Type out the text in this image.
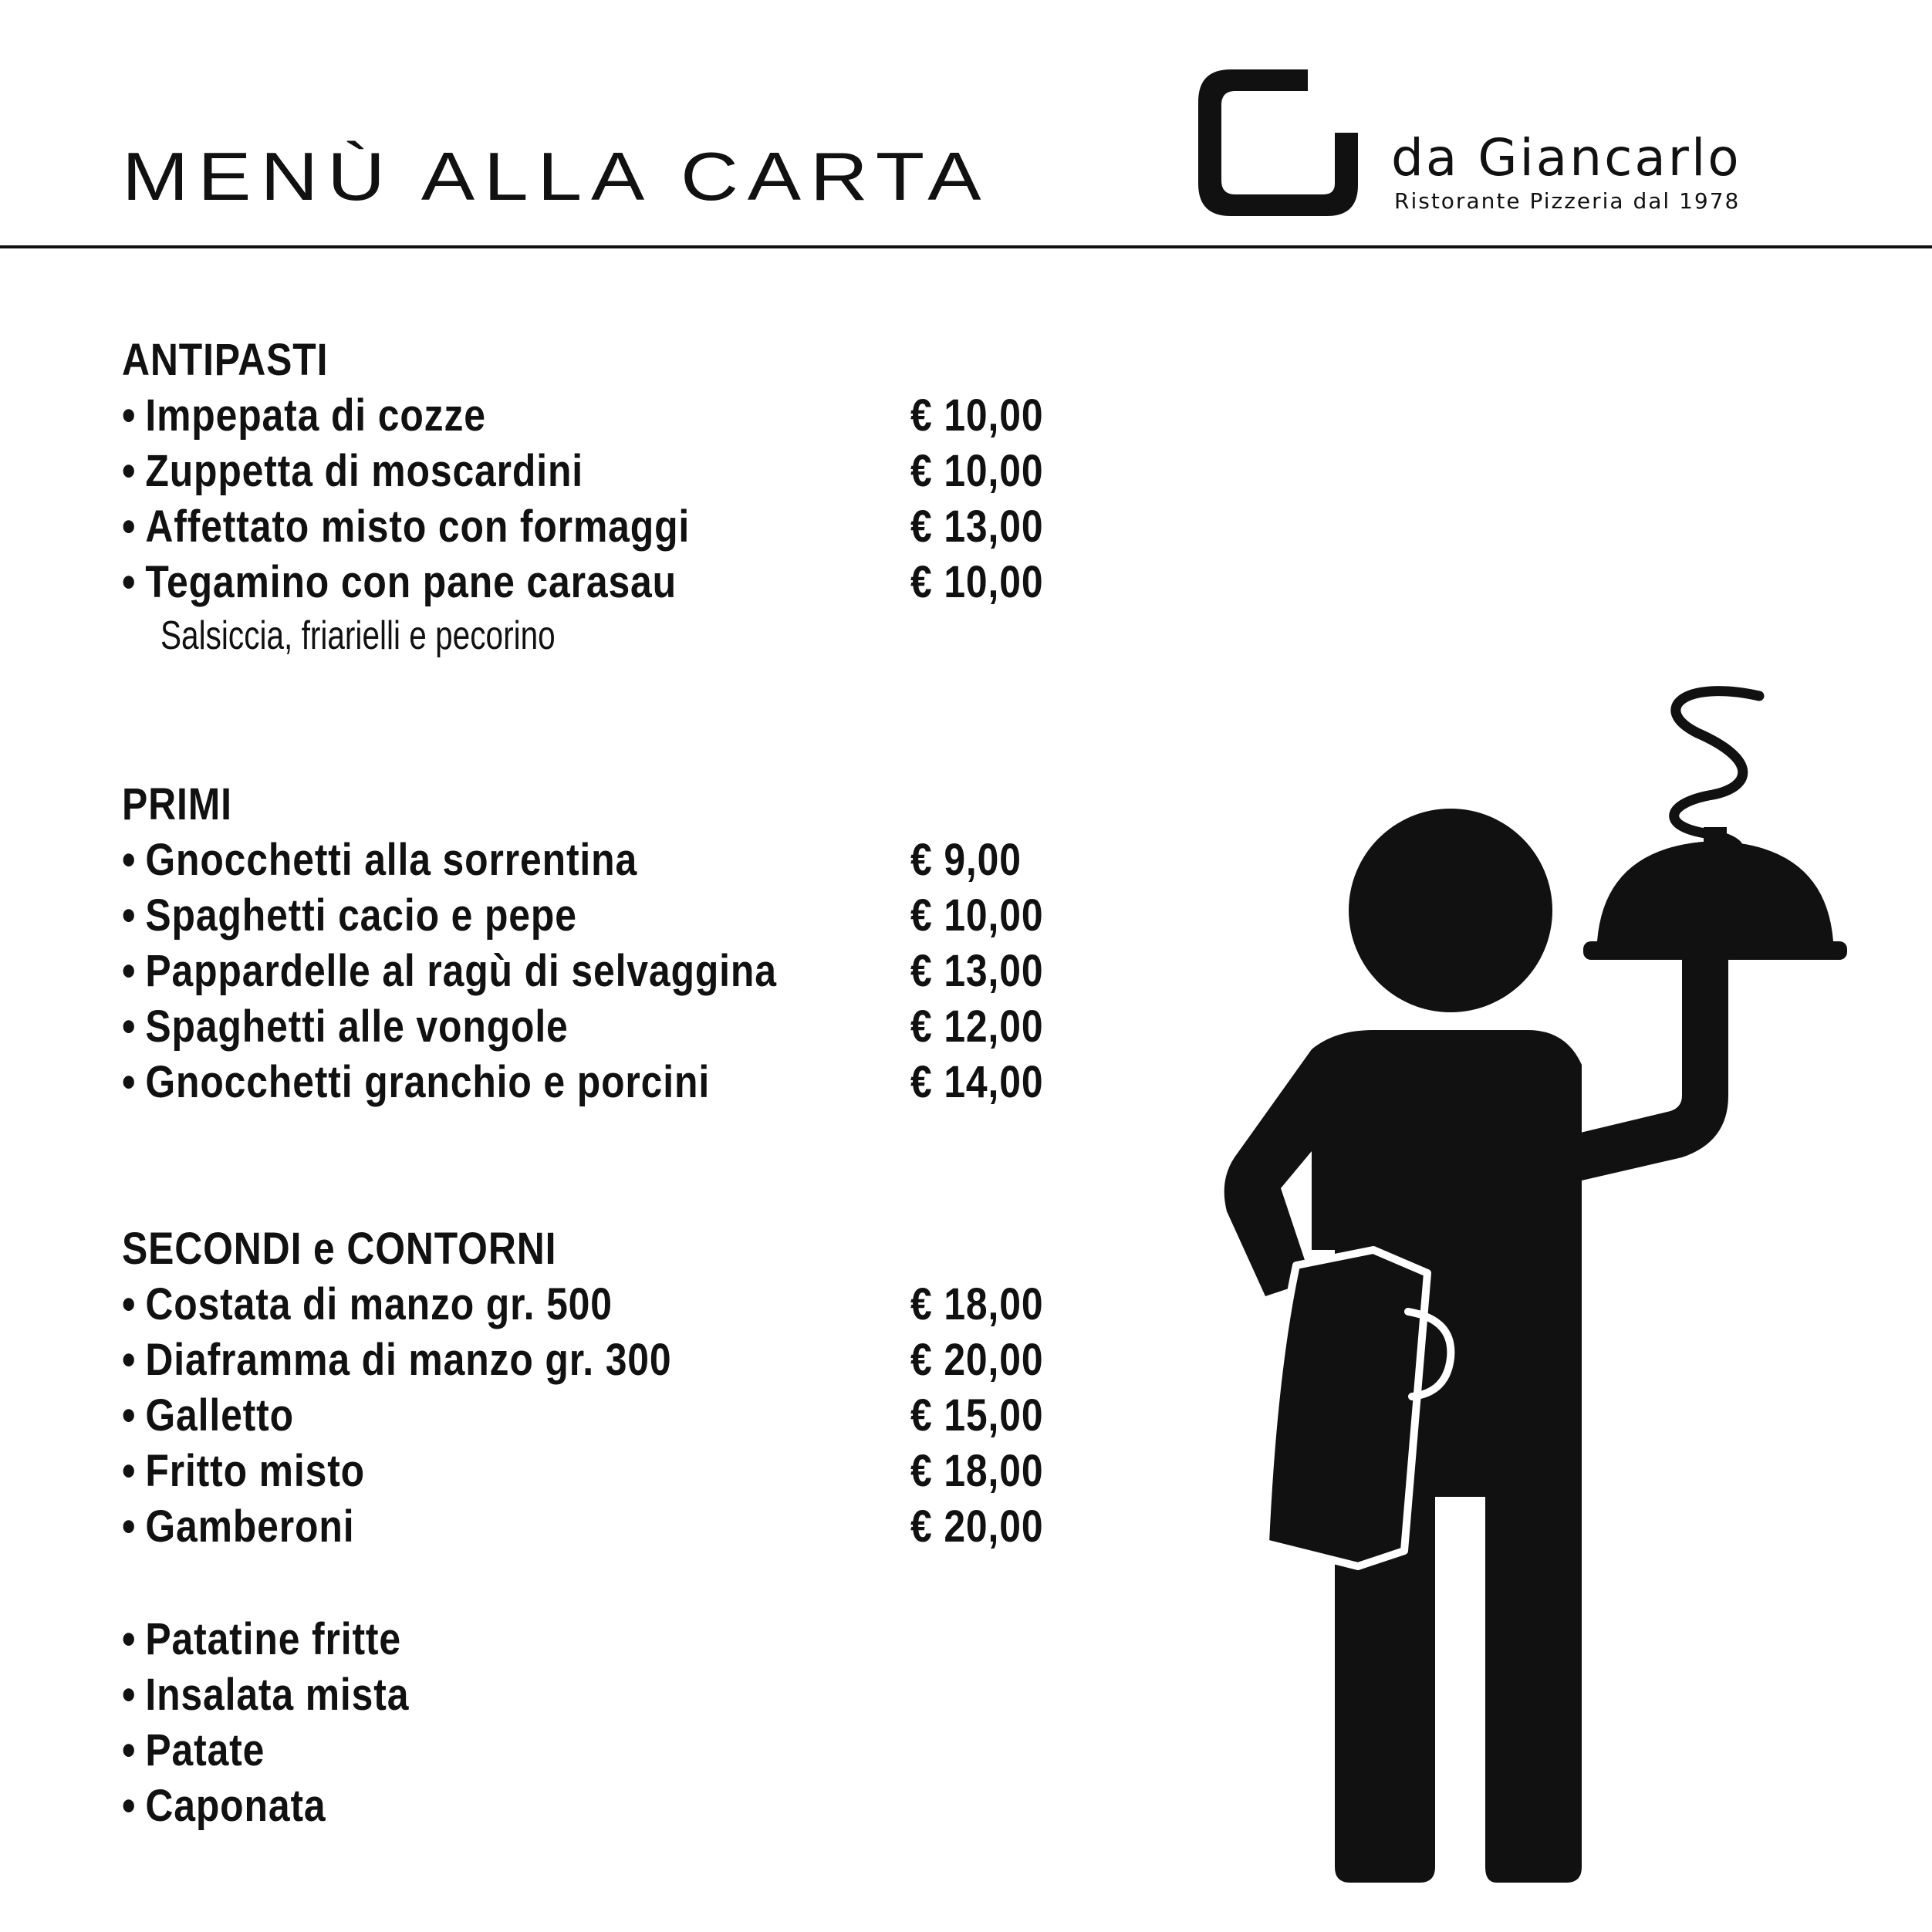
MENÙ ALLA CARTA	da Giancarlo
Ristorante Pizzeria dal 1978
ANTIPASTI
• Impepata di cozze	€ 10,00
• Zuppetta di moscardini	€ 10,00
• Affettato misto con formaggi	€ 13,00
• Tegamino con pane carasau	€ 10,00
Salsiccia, friarielli e pecorino
PRIMI
• Gnocchetti alla sorrentina	€ 9,00
• Spaghetti cacio e pepe	€ 10,00
• Pappardelle al ragù di selvaggina	€ 13,00
• Spaghetti alle vongole	€ 12,00
• Gnocchetti granchio e porcini	€ 14,00
SECONDI e CONTORNI
• Costata di manzo gr. 500	€ 18,00
• Diaframma di manzo gr. 300	€ 20,00
• Galletto	€ 15,00
• Fritto misto	€ 18,00
• Gamberoni	€ 20,00
• Patatine fritte
• Insalata mista
• Patate
• Caponata
